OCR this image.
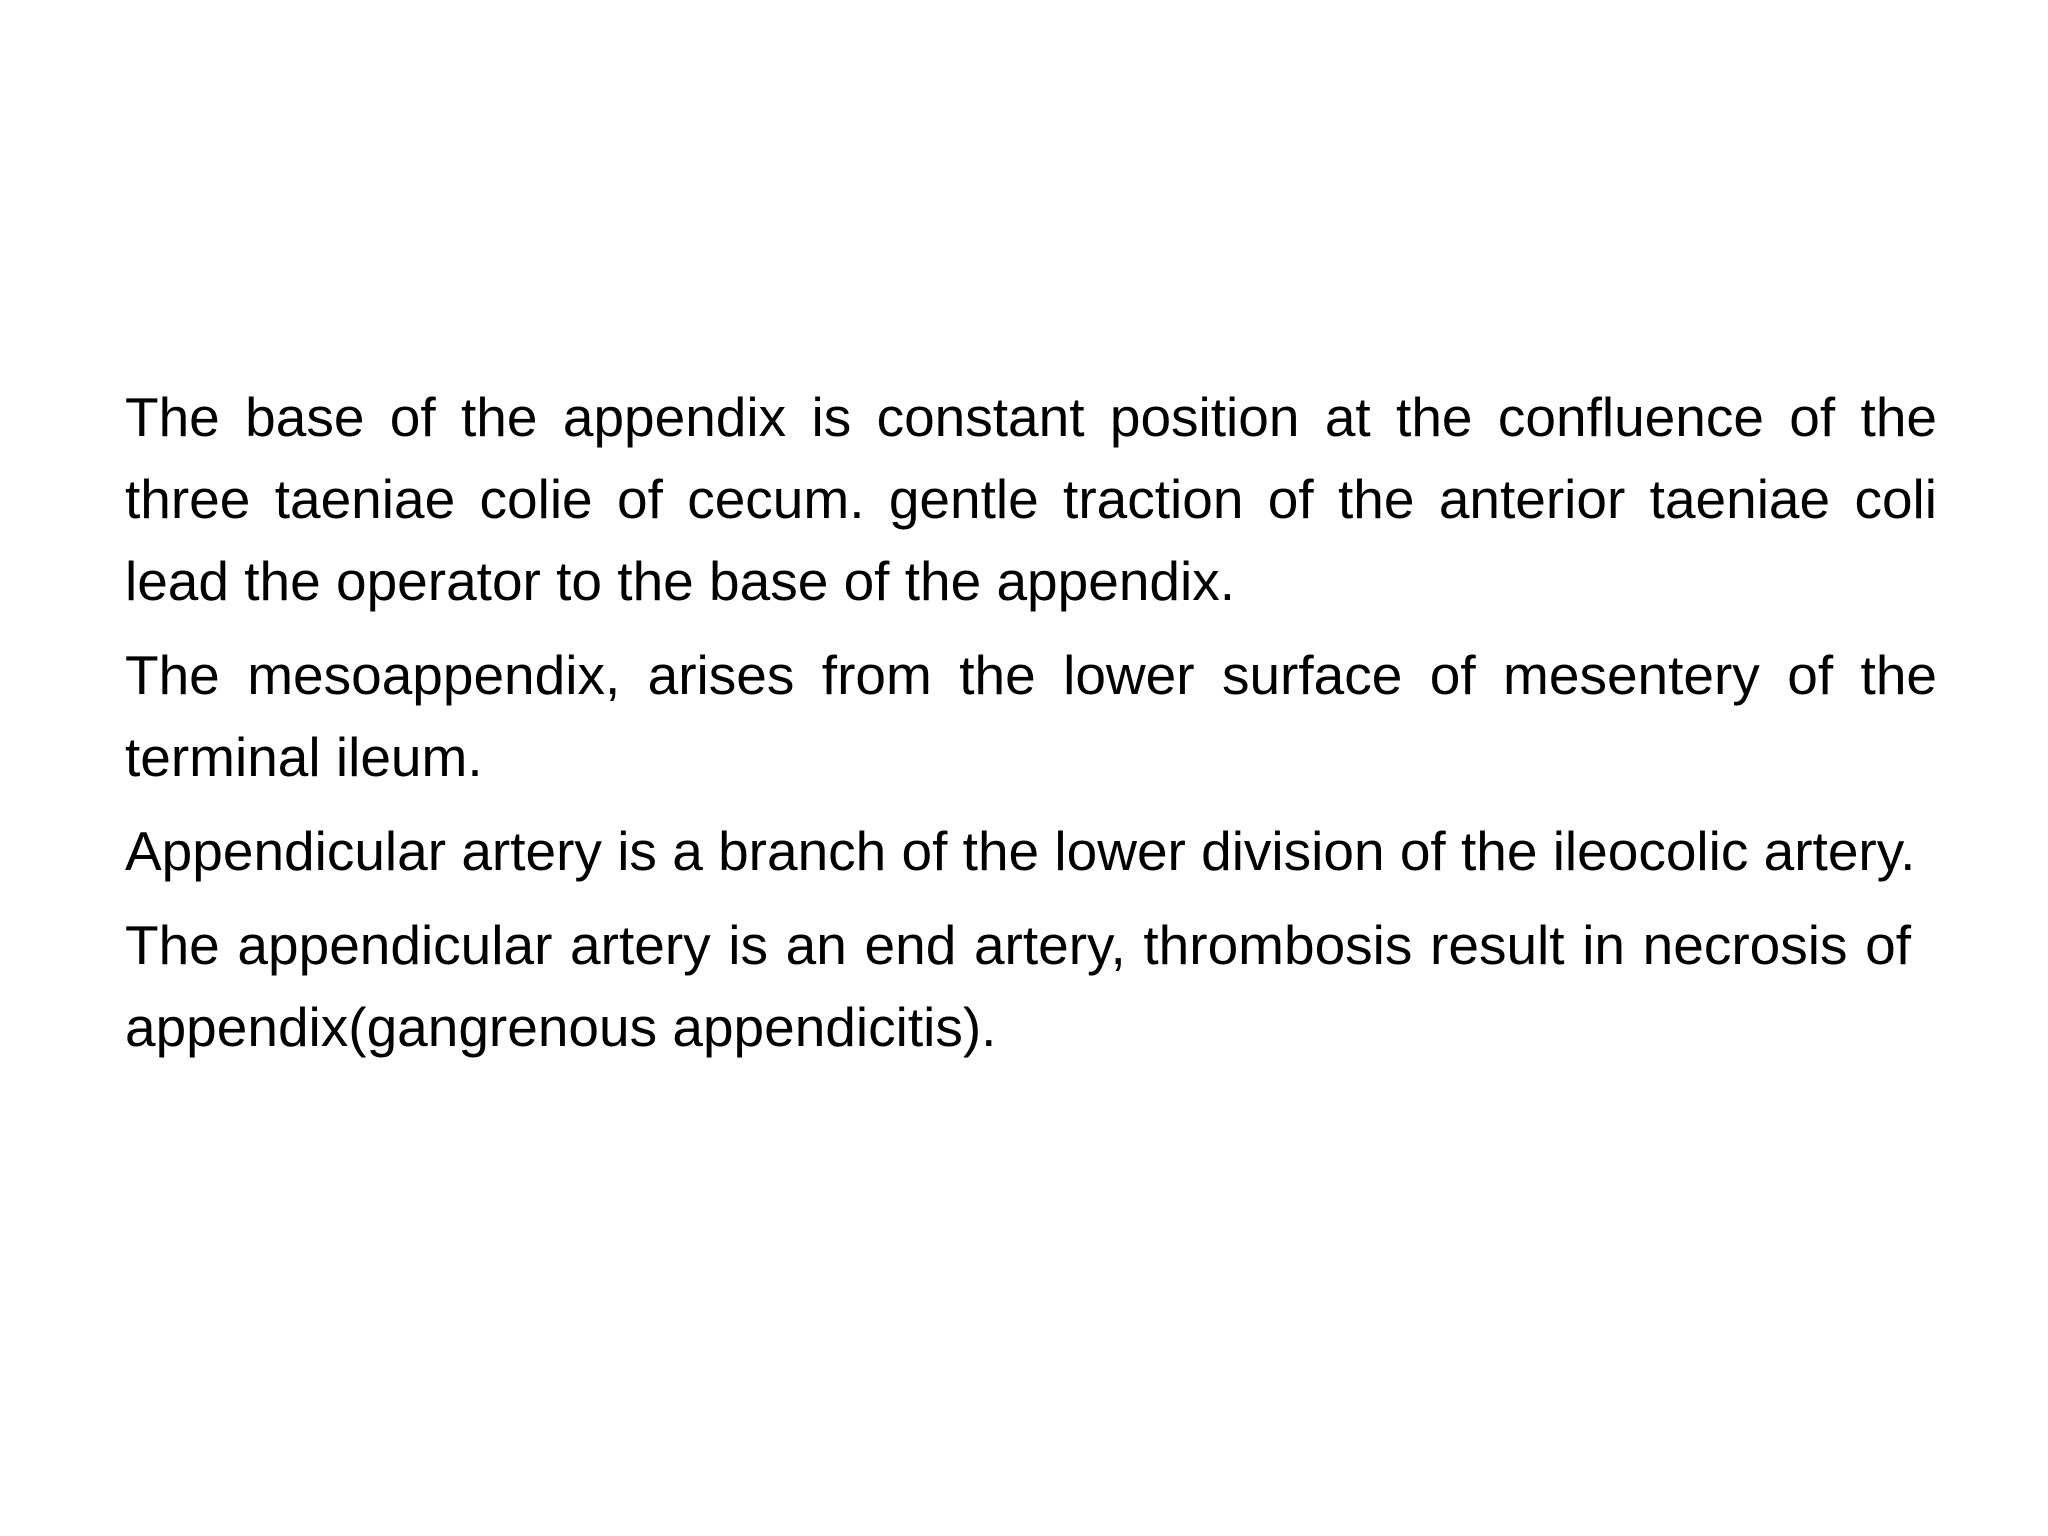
The base of the appendix is constant position at the confluence of the three taeniae colie of cecum. gentle traction of the anterior taeniae coli lead the operator to the base of the appendix.

The mesoappendix, arises from the lower surface of mesentery of the terminal ileum.

Appendicular artery is a branch of the lower division of the ileocolic artery.

The appendicular artery is an end artery, thrombosis result in necrosis of appendix(gangrenous appendicitis).
